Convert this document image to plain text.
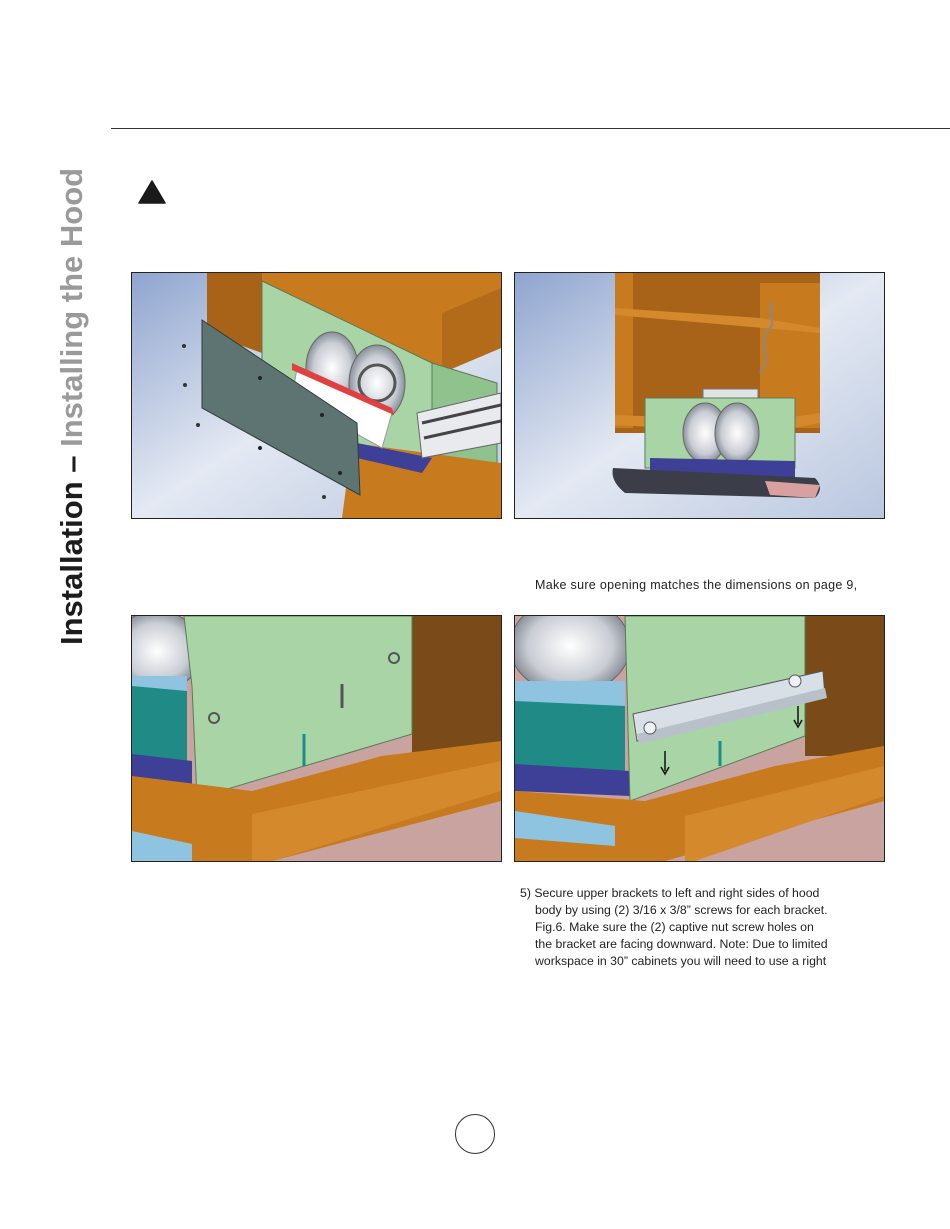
Installation – Installing the Hood
Make sure opening matches the dimensions on page 9,
5) Secure upper brackets to left and right sides of hood
body by using (2) 3/16 x 3/8” screws for each bracket.
Fig.6. Make sure the (2) captive nut screw holes on
the bracket are facing downward. Note: Due to limited
workspace in 30” cabinets you will need to use a right
